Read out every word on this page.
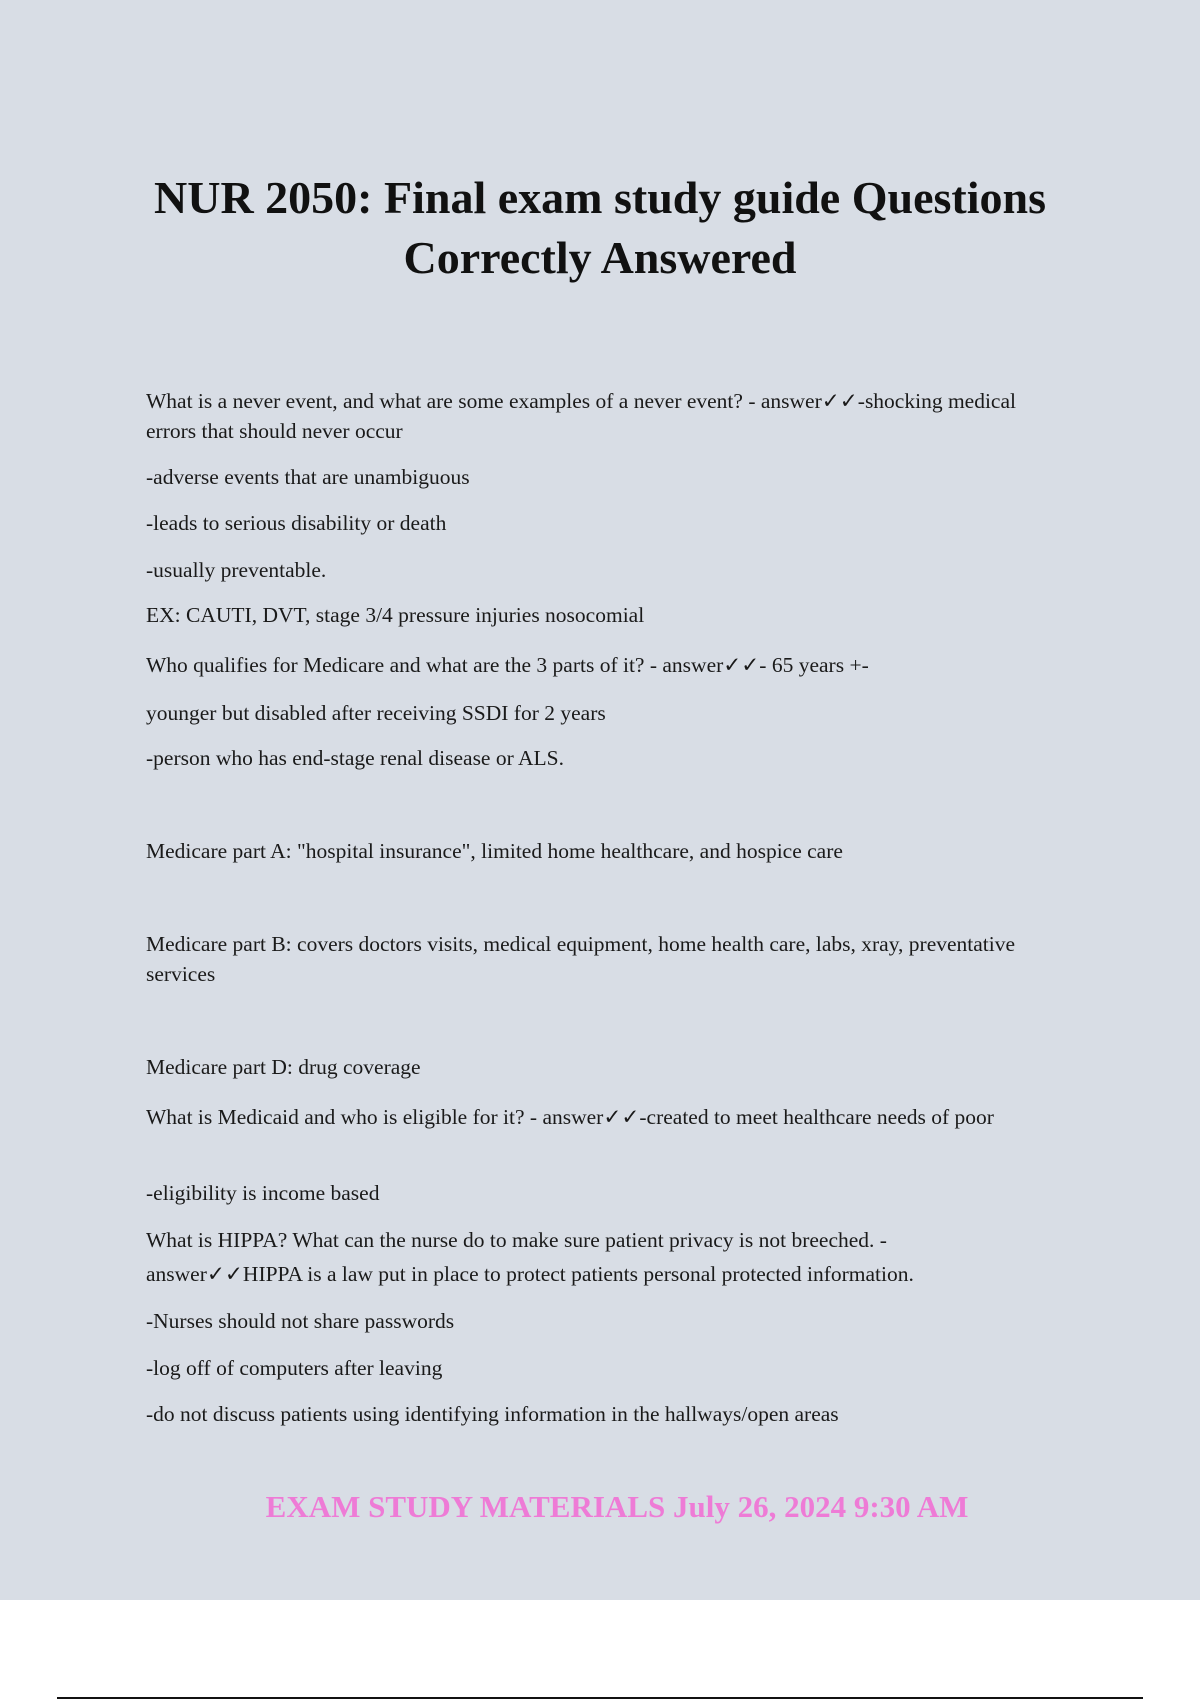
NUR 2050: Final exam study guide Questions Correctly Answered
What is a never event, and what are some examples of a never event? - answer✓✓-shocking medical errors that should never occur
-adverse events that are unambiguous
-leads to serious disability or death
-usually preventable.
EX: CAUTI, DVT, stage 3/4 pressure injuries nosocomial
Who qualifies for Medicare and what are the 3 parts of it? - answer✓✓- 65 years +-
younger but disabled after receiving SSDI for 2 years
-person who has end-stage renal disease or ALS.
Medicare part A: "hospital insurance", limited home healthcare, and hospice care
Medicare part B: covers doctors visits, medical equipment, home health care, labs, xray, preventative services
Medicare part D: drug coverage
What is Medicaid and who is eligible for it? - answer✓✓-created to meet healthcare needs of poor
-eligibility is income based
What is HIPPA? What can the nurse do to make sure patient privacy is not breeched. -
answer✓✓HIPPA is a law put in place to protect patients personal protected information.
-Nurses should not share passwords
-log off of computers after leaving
-do not discuss patients using identifying information in the hallways/open areas
EXAM STUDY MATERIALS July 26, 2024 9:30 AM
